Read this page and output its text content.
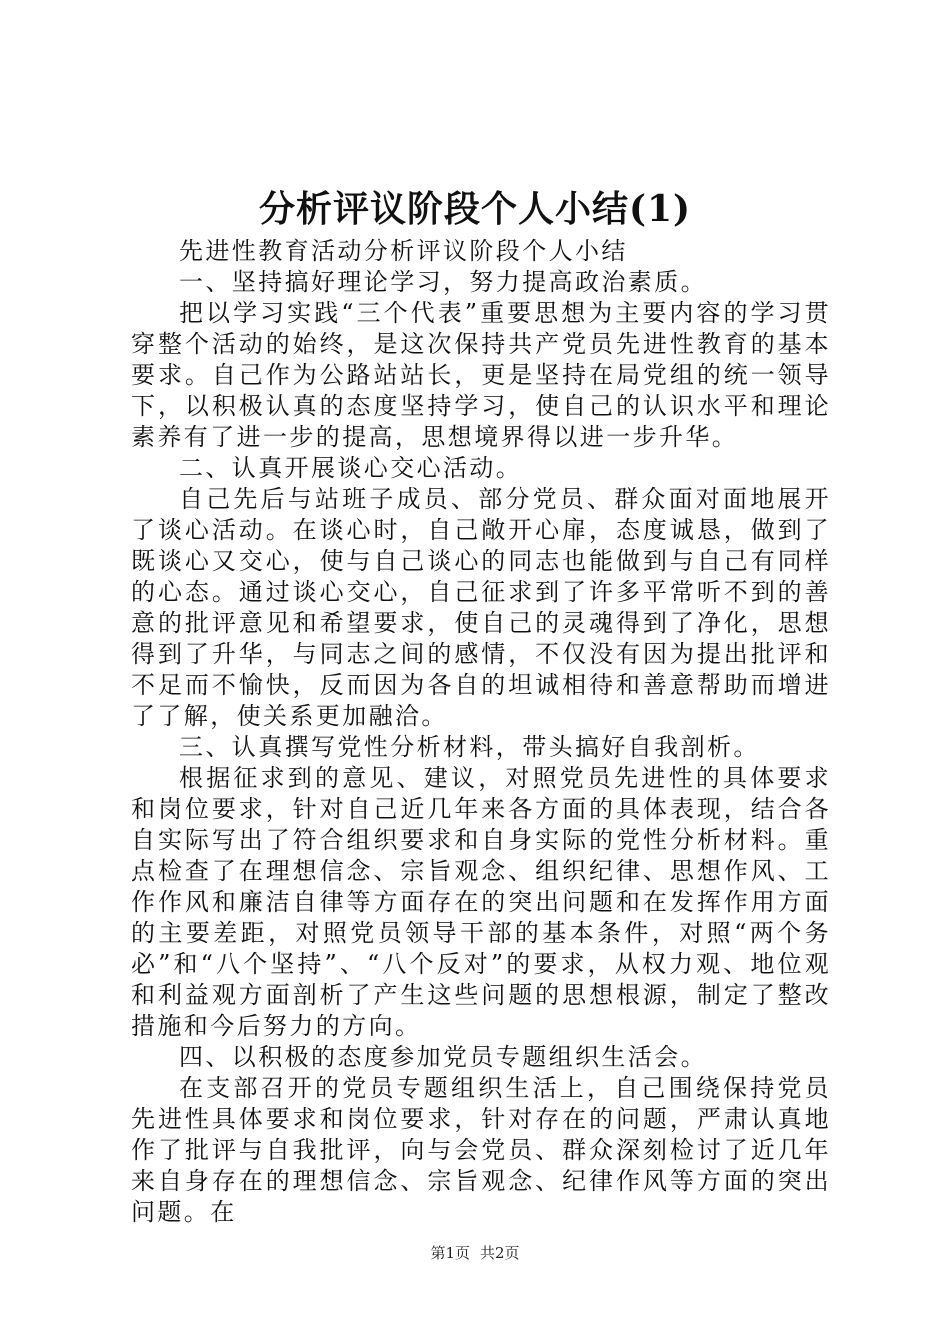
分析评议阶段个人小结(1)

先进性教育活动分析评议阶段个人小结

一、坚持搞好理论学习，努力提高政治素质。

把以学习实践“三个代表”重要思想为主要内容的学习贯穿整个活动的始终，是这次保持共产党员先进性教育的基本要求。自己作为公路站站长，更是坚持在局党组的统一领导下，以积极认真的态度坚持学习，使自己的认识水平和理论素养有了进一步的提高，思想境界得以进一步升华。

二、认真开展谈心交心活动。

自己先后与站班子成员、部分党员、群众面对面地展开了谈心活动。在谈心时，自己敞开心扉，态度诚恳，做到了既谈心又交心，使与自己谈心的同志也能做到与自己有同样的心态。通过谈心交心，自己征求到了许多平常听不到的善意的批评意见和希望要求，使自己的灵魂得到了净化，思想得到了升华，与同志之间的感情，不仅没有因为提出批评和不足而不愉快，反而因为各自的坦诚相待和善意帮助而增进了了解，使关系更加融洽。

三、认真撰写党性分析材料，带头搞好自我剖析。

根据征求到的意见、建议，对照党员先进性的具体要求和岗位要求，针对自己近几年来各方面的具体表现，结合各自实际写出了符合组织要求和自身实际的党性分析材料。重点检查了在理想信念、宗旨观念、组织纪律、思想作风、工作作风和廉洁自律等方面存在的突出问题和在发挥作用方面的主要差距，对照党员领导干部的基本条件，对照“两个务必”和“八个坚持”、“八个反对”的要求，从权力观、地位观和利益观方面剖析了产生这些问题的思想根源，制定了整改措施和今后努力的方向。

四、以积极的态度参加党员专题组织生活会。

在支部召开的党员专题组织生活上，自己围绕保持党员先进性具体要求和岗位要求，针对存在的问题，严肃认真地作了批评与自我批评，向与会党员、群众深刻检讨了近几年来自身存在的理想信念、宗旨观念、纪律作风等方面的突出问题。在

第1页 共2页
